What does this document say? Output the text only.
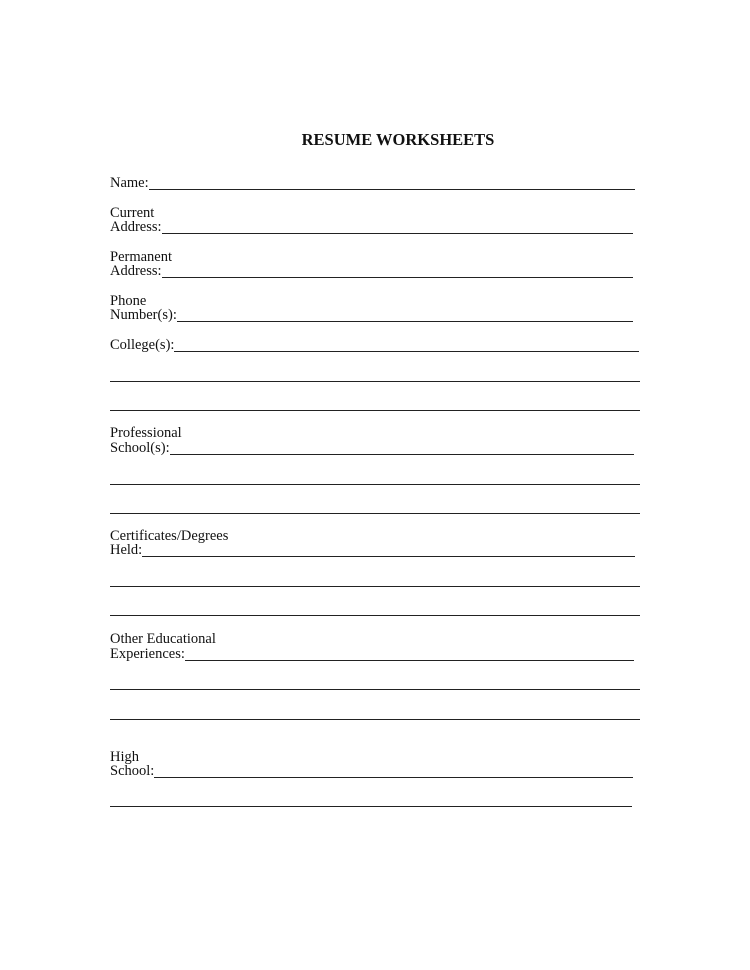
RESUME WORKSHEETS
Name:
Current
Address:
Permanent
Address:
Phone
Number(s):
College(s):
Professional
School(s):
Certificates/Degrees
Held:
Other Educational
Experiences:
High
School:
